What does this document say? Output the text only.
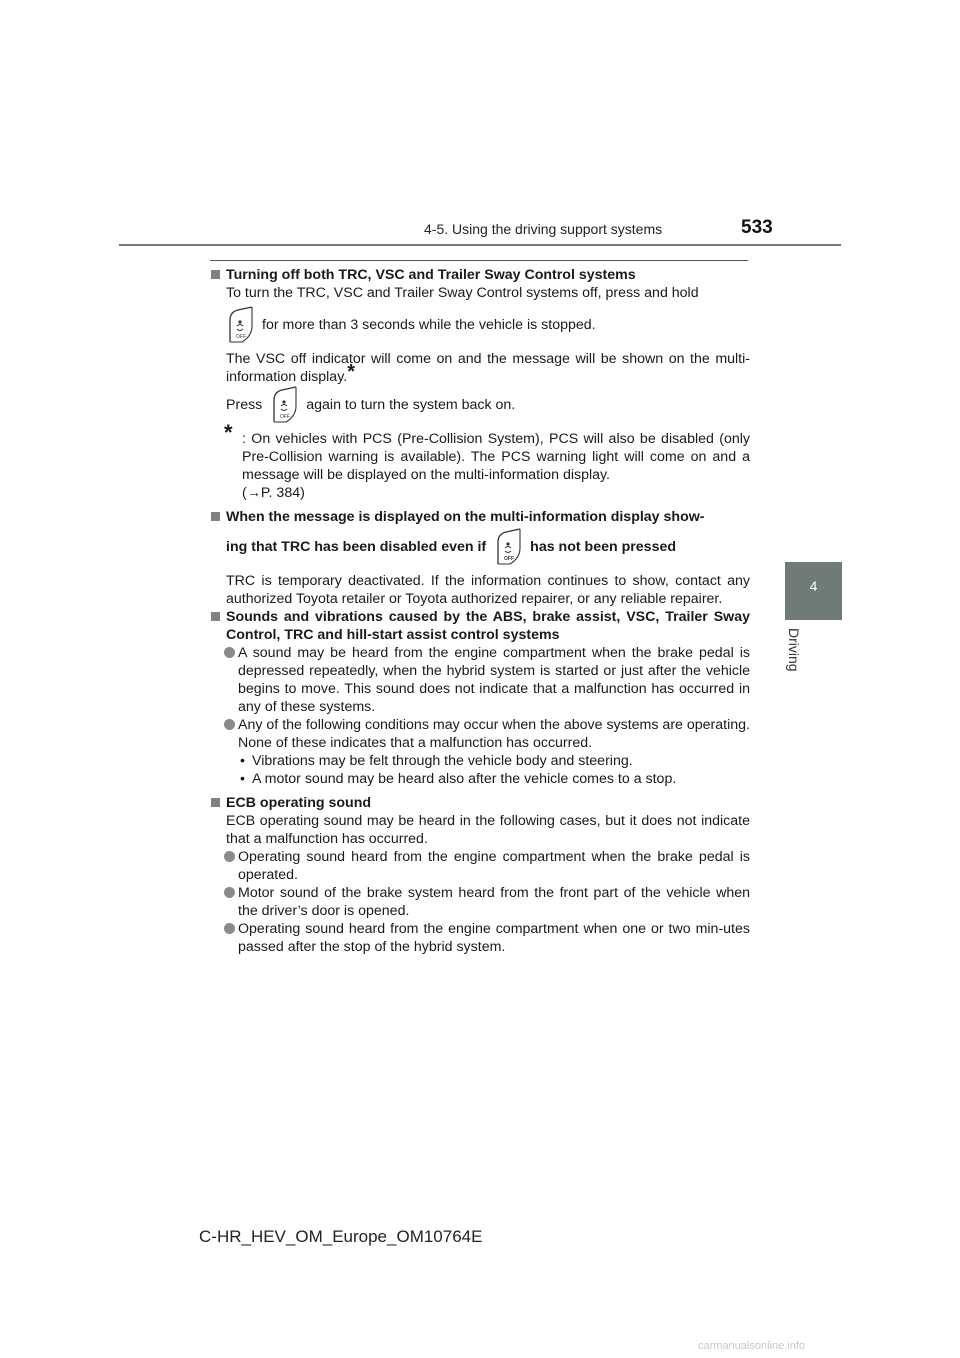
4-5. Using the driving support systems	533
4
Driving

Turning off both TRC, VSC and Trailer Sway Control systems

To turn the TRC, VSC and Trailer Sway Control systems off, press and hold

OFF
for more than 3 seconds while the vehicle is stopped.

The VSC off indicator will come on and the message will be shown on the multi-information display.*

Press
OFF
again to turn the system back on.
* : On vehicles with PCS (Pre-Collision System), PCS will also be disabled (only Pre-Collision warning is available). The PCS warning light will come on and a message will be displayed on the multi-information display.
(→P. 384)

When the message is displayed on the multi-information display show-

ing that TRC has been disabled even if
OFF
has not been pressed

TRC is temporary deactivated. If the information continues to show, contact any authorized Toyota retailer or Toyota authorized repairer, or any reliable repairer.

Sounds and vibrations caused by the ABS, brake assist, VSC, Trailer Sway Control, TRC and hill-start assist control systems

A sound may be heard from the engine compartment when the brake pedal is depressed repeatedly, when the hybrid system is started or just after the vehicle begins to move. This sound does not indicate that a malfunction has occurred in any of these systems.

Any of the following conditions may occur when the above systems are operating. None of these indicates that a malfunction has occurred.

• Vibrations may be felt through the vehicle body and steering.

• A motor sound may be heard also after the vehicle comes to a stop.

ECB operating sound

ECB operating sound may be heard in the following cases, but it does not indicate that a malfunction has occurred.

Operating sound heard from the engine compartment when the brake pedal is operated.

Motor sound of the brake system heard from the front part of the vehicle when the driver’s door is opened.

Operating sound heard from the engine compartment when one or two min-utes passed after the stop of the hybrid system.

C-HR_HEV_OM_Europe_OM10764E
carmanualsonline.info
